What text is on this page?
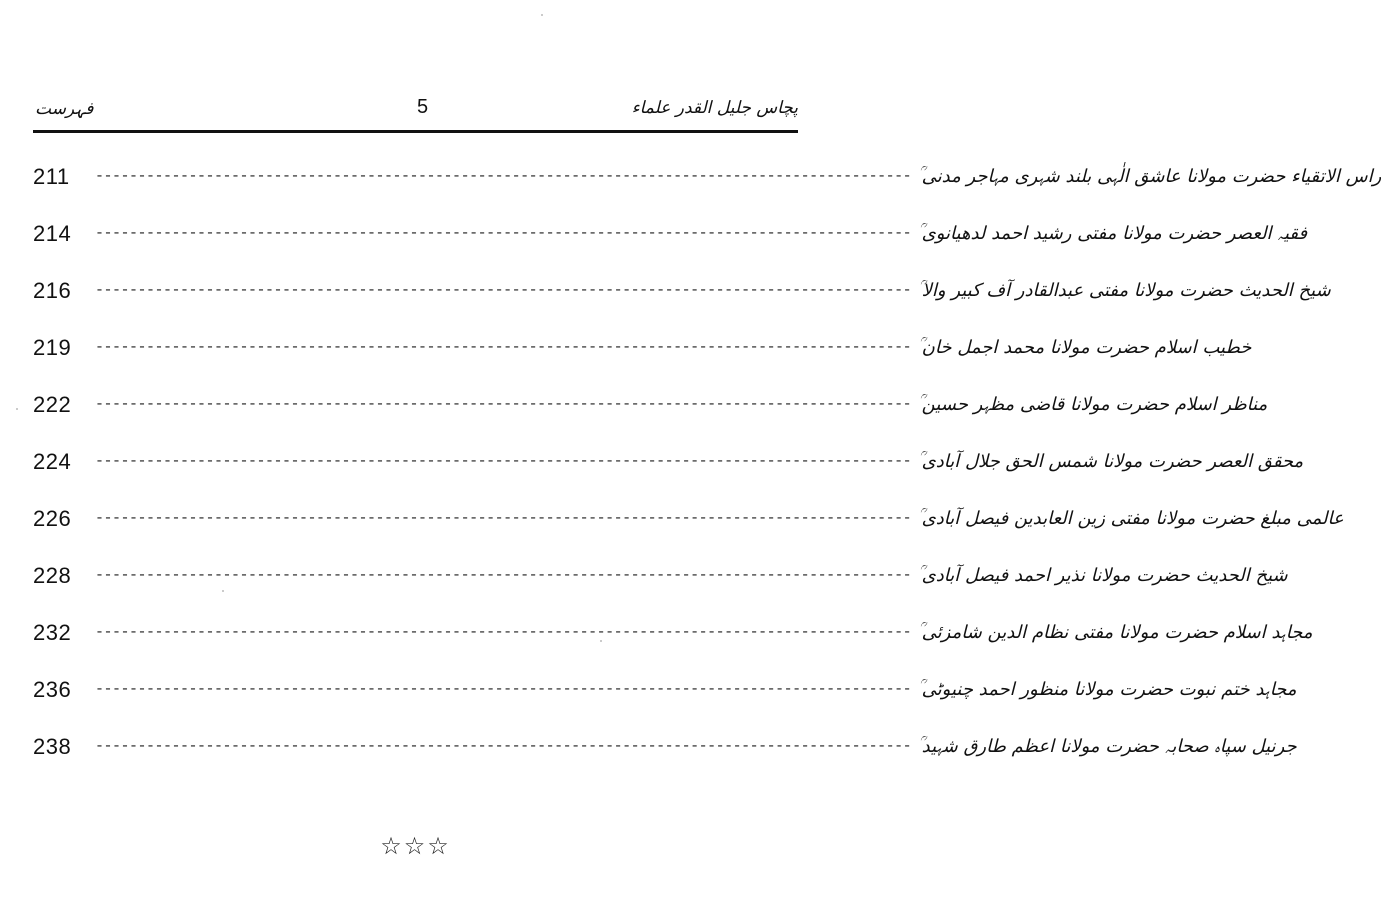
فہرست	5	پچاس جلیل القدر علماء
211	------------------------------------------------------------------------------------------------ راس الاتقیاء حضرت مولانا عاشق الٰہی بلند شہری مہاجر مدنی ؒ
214	------------------------------------------------------------------------------------------------ فقیہ العصر حضرت مولانا مفتی رشید احمد لدھیانوی ؒ
216	------------------------------------------------------------------------------------------------ شیخ الحدیث حضرت مولانا مفتی عبدالقادر آف کبیر والا ؒ
219	------------------------------------------------------------------------------------------------ خطیب اسلام حضرت مولانا محمد اجمل خان ؒ
222	------------------------------------------------------------------------------------------------ مناظر اسلام حضرت مولانا قاضی مظہر حسین ؒ
224	------------------------------------------------------------------------------------------------ محقق العصر حضرت مولانا شمس الحق جلال آبادی ؒ
226	------------------------------------------------------------------------------------------------ عالمی مبلغ حضرت مولانا مفتی زین العابدین فیصل آبادی ؒ
228	------------------------------------------------------------------------------------------------ شیخ الحدیث حضرت مولانا نذیر احمد فیصل آبادی ؒ
232	------------------------------------------------------------------------------------------------ مجاہد اسلام حضرت مولانا مفتی نظام الدین شامزئی ؒ
236	------------------------------------------------------------------------------------------------ مجاہد ختم نبوت حضرت مولانا منظور احمد چنیوٹی ؒ
238	------------------------------------------------------------------------------------------------ جرنیل سپاہ صحابہ حضرت مولانا اعظم طارق شہید ؒ
☆☆☆
